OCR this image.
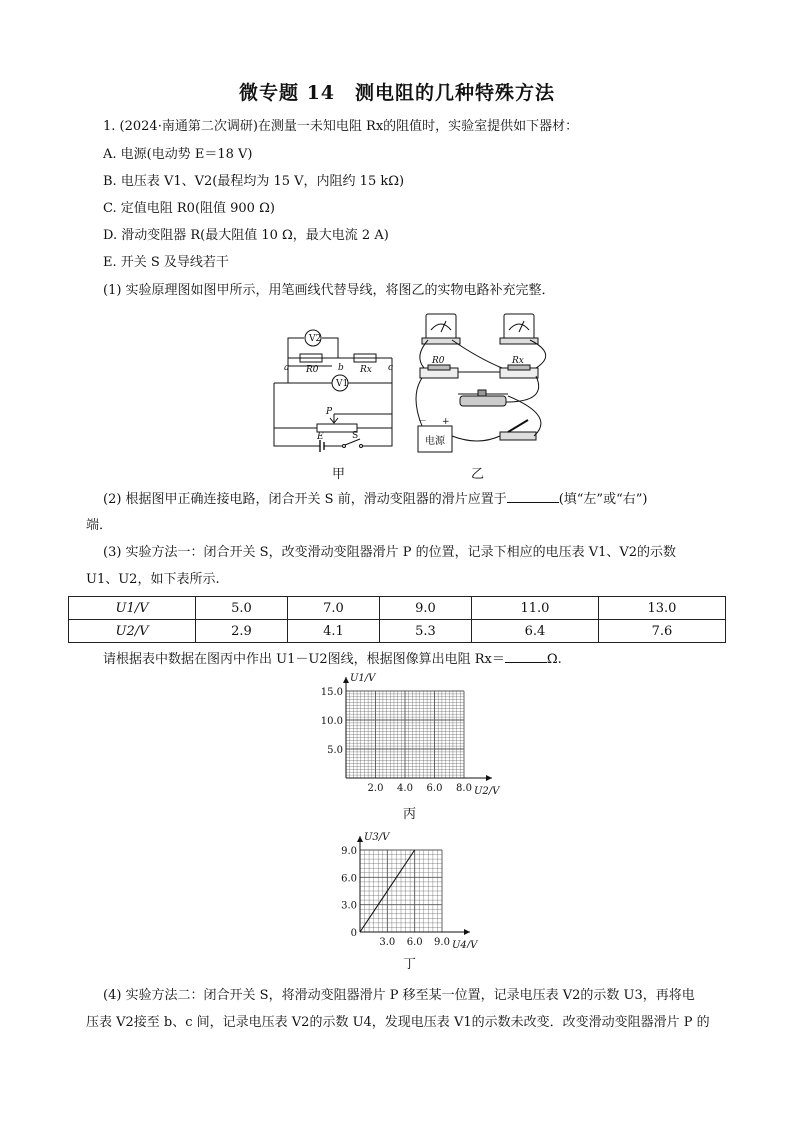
微专题 14　测电阻的几种特殊方法
1. (2024·南通第二次调研)在测量一未知电阻 Rx的阻值时，实验室提供如下器材：
A. 电源(电动势 E＝18 V)
B. 电压表 V1、V2(最程均为 15 V，内阻约 15 kΩ)
C. 定值电阻 R0(阻值 900 Ω)
D. 滑动变阻器 R(最大阻值 10 Ω，最大电流 2 A)
E. 开关 S 及导线若干
(1) 实验原理图如图甲所示，用笔画线代替导线，将图乙的实物电路补充完整．
V2
V1
a	b	c
R0	Rx
P
E	S
甲
R0	Rx
电源
－ +
乙
(2) 根据图甲正确连接电路，闭合开关 S 前，滑动变阻器的滑片应置于	(填“左”或“右”)
端．
(3) 实验方法一：闭合开关 S，改变滑动变阻器滑片 P 的位置，记录下相应的电压表 V1、V2的示数
U1、U2，如下表所示.
U1/V	5.0	7.0	9.0	11.0	13.0
U2/V	2.9	4.1	5.3	6.4	7.6
请根据表中数据在图丙中作出 U1－U2图线，根据图像算出电阻 Rx＝	Ω.
2.0 4.0 6.0 8.0
5.0
10.0
15.0
U1/V
U2/V
丙
3.0 6.0 9.0
3.0
6.0
9.0
0
U3/V
U4/V
丁
(4) 实验方法二：闭合开关 S，将滑动变阻器滑片 P 移至某一位置，记录电压表 V2的示数 U3，再将电
压表 V2接至 b、c 间，记录电压表 V2的示数 U4，发现电压表 V1的示数未改变．改变滑动变阻器滑片 P 的
